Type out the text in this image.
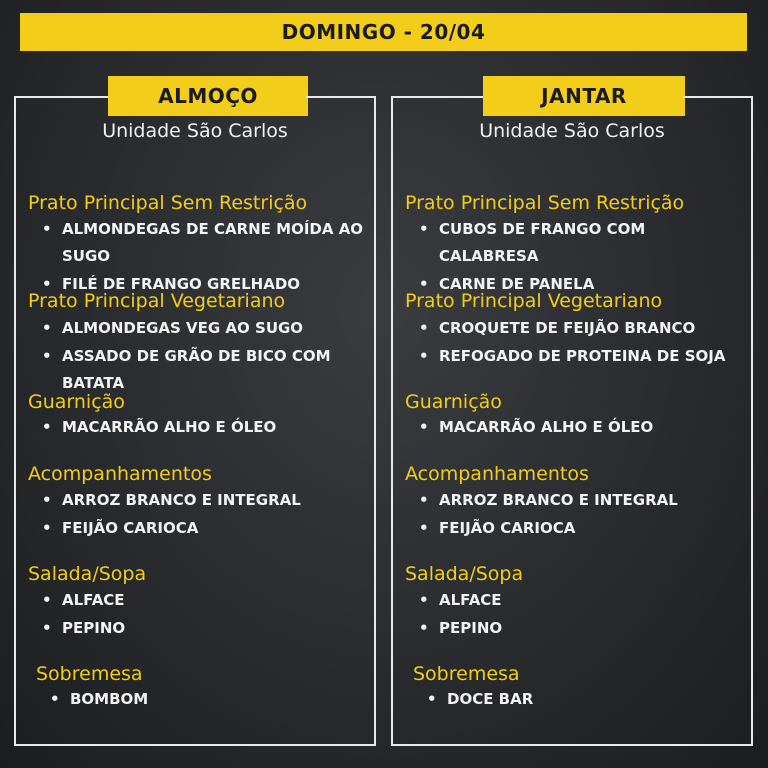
DOMINGO - 20/04
ALMOÇO
Unidade São Carlos
Prato Principal Sem Restrição
• ALMONDEGAS DE CARNE MOÍDA AO SUGO
• FILÉ DE FRANGO GRELHADO
Prato Principal Vegetariano
• ALMONDEGAS VEG AO SUGO
• ASSADO DE GRÃO DE BICO COM BATATA
Guarnição
• MACARRÃO ALHO E ÓLEO
Acompanhamentos
• ARROZ BRANCO E INTEGRAL
• FEIJÃO CARIOCA
Salada/Sopa
• ALFACE
• PEPINO
Sobremesa
• BOMBOM
JANTAR
Unidade São Carlos
Prato Principal Sem Restrição
• CUBOS DE FRANGO COM CALABRESA
• CARNE DE PANELA
Prato Principal Vegetariano
• CROQUETE DE FEIJÃO BRANCO
• REFOGADO DE PROTEINA DE SOJA
Guarnição
• MACARRÃO ALHO E ÓLEO
Acompanhamentos
• ARROZ BRANCO E INTEGRAL
• FEIJÃO CARIOCA
Salada/Sopa
• ALFACE
• PEPINO
Sobremesa
• DOCE BAR
